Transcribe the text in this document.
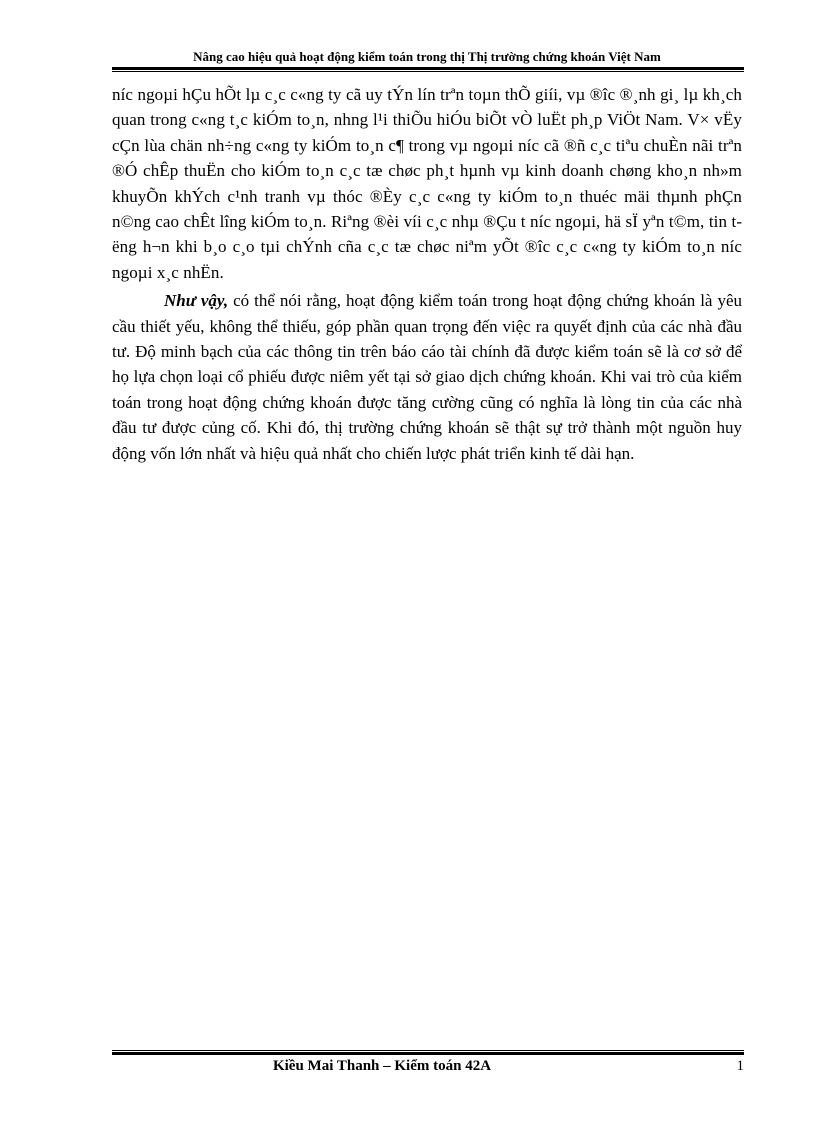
Nâng cao hiệu quả hoạt động kiểm toán trong thị Thị trường chứng khoán Việt Nam

níc ngoµi hÇu hÕt lµ c¸c c«ng ty cã uy tÝn lín trªn toµn thÕ giíi, vµ ®îc ®¸nh gi¸ lµ kh¸ch quan trong c«ng t¸c kiÓm to¸n, nhng l¹i thiÕu hiÓu biÕt vÒ luËt ph¸p ViÖt Nam. V× vËy cÇn lùa chän nh÷ng c«ng ty kiÓm to¸n c¶ trong vµ ngoµi níc cã ®ñ c¸c tiªu chuÈn nãi trªn ®Ó chÊp thuËn cho kiÓm to¸n c¸c tæ chøc ph¸t hµnh vµ kinh doanh chøng kho¸n nh»m khuyÕn khÝch c¹nh tranh vµ thóc ®Èy c¸c c«ng ty kiÓm to¸n thuéc mäi thµnh phÇn n©ng cao chÊt lîng kiÓm to¸n. Riªng ®èi víi c¸c nhµ ®Çu t níc ngoµi, hä sÏ yªn t©m, tin tëng h¬n khi b¸o c¸o tµi chÝnh cña c¸c tæ chøc niªm yÕt ®îc c¸c c«ng ty kiÓm to¸n níc ngoµi x¸c nhËn.

Như vậy, có thể nói rằng, hoạt động kiểm toán trong hoạt động chứng khoán là yêu cầu thiết yếu, không thể thiếu, góp phần quan trọng đến việc ra quyết định của các nhà đầu tư. Độ minh bạch của các thông tin trên báo cáo tài chính đã được kiểm toán sẽ là cơ sở để họ lựa chọn loại cổ phiếu được niêm yết tại sở giao dịch chứng khoán. Khi vai trò của kiểm toán trong hoạt động chứng khoán được tăng cường cũng có nghĩa là lòng tin của các nhà đầu tư được củng cố. Khi đó, thị trường chứng khoán sẽ thật sự trở thành một nguồn huy động vốn lớn nhất và hiệu quả nhất cho chiến lược phát triển kinh tế dài hạn.

Kiều Mai Thanh – Kiểm toán 42A	1
